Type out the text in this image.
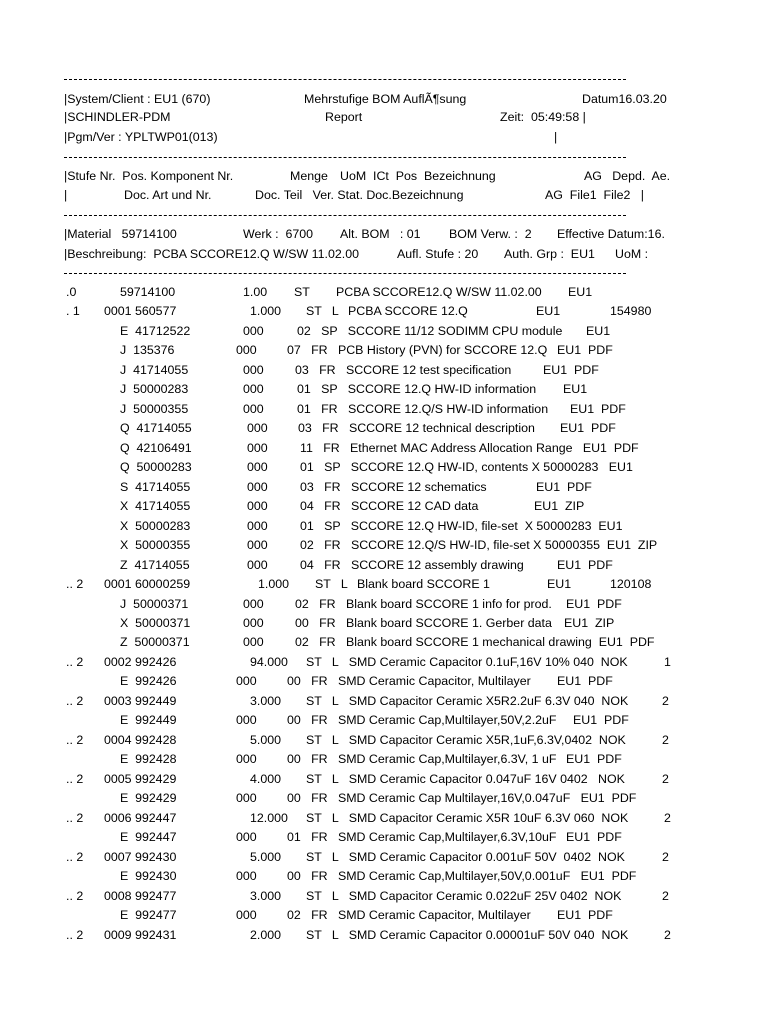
|System/Client : EU1 (670)	Mehrstufige BOM AuflÃ¶sung	Datum16.03.20
|SCHINDLER-PDM	Report	Zeit:  05:49:58 |
|Pgm/Ver : YPLTWP01(013)	|
|Stufe Nr.  Pos. Komponent Nr.	Menge UoM  ICt  Pos  Bezeichnung	AG   Depd.  Ae.
|	Doc. Art und Nr.	Doc. Teil   Ver. Stat. Doc.Bezeichnung	AG  File1  File2   |
|Material   59714100	Werk :  6700 Alt. BOM   : 01 BOM Verw. :  2 Effective Datum:16.
|Beschreibung:  PCBA SCCORE12.Q W/SW 11.02.00	Aufl. Stufe : 20 Auth. Grp :  EU1 UoM :
.0	59714100	1.00 ST PCBA SCCORE12.Q W/SW 11.02.00 EU1
. 1 0001 560577	1.000 ST   L PCBA SCCORE 12.Q	EU1	154980
E  41712522	000	02   SP   SCCORE 11/12 SODIMM CPU module EU1
J  135376	000 07   FR   PCB History (PVN) for SCCORE 12.Q EU1  PDF
J  41714055	000	03   FR   SCCORE 12 test specification	EU1  PDF
J  50000283	000	01   SP   SCCORE 12.Q HW-ID information EU1
J  50000355	000	01   FR   SCCORE 12.Q/S HW-ID information EU1  PDF
Q  41714055	000 03   FR   SCCORE 12 technical description EU1  PDF
Q  42106491	000	11   FR   Ethernet MAC Address Allocation Range   EU1  PDF
Q  50000283	000	01   SP   SCCORE 12.Q HW-ID, contents X 50000283   EU1
S  41714055	000	03   FR   SCCORE 12 schematics	EU1  PDF
X  41714055	000	04   FR   SCCORE 12 CAD data	EU1  ZIP
X  50000283	000	01   SP   SCCORE 12.Q HW-ID, file-set  X 50000283  EU1
X  50000355	000	02   FR   SCCORE 12.Q/S HW-ID, file-set X 50000355  EU1  ZIP
Z  41714055	000	04   FR   SCCORE 12 assembly drawing	EU1  PDF
.. 2 0001 60000259	1.000 ST   L Blank board SCCORE 1	EU1	120108
J  50000371	000	02   FR   Blank board SCCORE 1 info for prod. EU1  PDF
X  50000371	000	00   FR   Blank board SCCORE 1. Gerber data EU1  ZIP
Z  50000371	000	02   FR   Blank board SCCORE 1 mechanical drawing  EU1  PDF
.. 2 0002 992426	94.000 ST   L   SMD Ceramic Capacitor 0.1uF,16V 10% 040  NOK	1
E  992426	000 00   FR   SMD Ceramic Capacitor, Multilayer EU1  PDF
.. 2 0003 992449	3.000 ST   L   SMD Capacitor Ceramic X5R2.2uF 6.3V 040  NOK	2
E  992449	000 00   FR   SMD Ceramic Cap,Multilayer,50V,2.2uF EU1  PDF
.. 2 0004 992428	5.000 ST   L   SMD Capacitor Ceramic X5R,1uF,6.3V,0402  NOK	2
E  992428	000 00   FR   SMD Ceramic Cap,Multilayer,6.3V, 1 uF EU1  PDF
.. 2 0005 992429	4.000 ST   L   SMD Ceramic Capacitor 0.047uF 16V 0402   NOK	2
E  992429	000 00   FR   SMD Ceramic Cap Multilayer,16V,0.047uF   EU1  PDF
.. 2 0006 992447	12.000 ST   L   SMD Capacitor Ceramic X5R 10uF 6.3V 060  NOK	2
E  992447	000 01   FR   SMD Ceramic Cap,Multilayer,6.3V,10uF EU1  PDF
.. 2 0007 992430	5.000 ST   L   SMD Ceramic Capacitor 0.001uF 50V  0402  NOK	2
E  992430	000 00   FR   SMD Ceramic Cap,Multilayer,50V,0.001uF   EU1  PDF
.. 2 0008 992477	3.000 ST   L   SMD Capacitor Ceramic 0.022uF 25V 0402  NOK	2
E  992477	000 02   FR   SMD Ceramic Capacitor, Multilayer EU1  PDF
.. 2 0009 992431	2.000 ST   L   SMD Ceramic Capacitor 0.00001uF 50V 040  NOK	2
